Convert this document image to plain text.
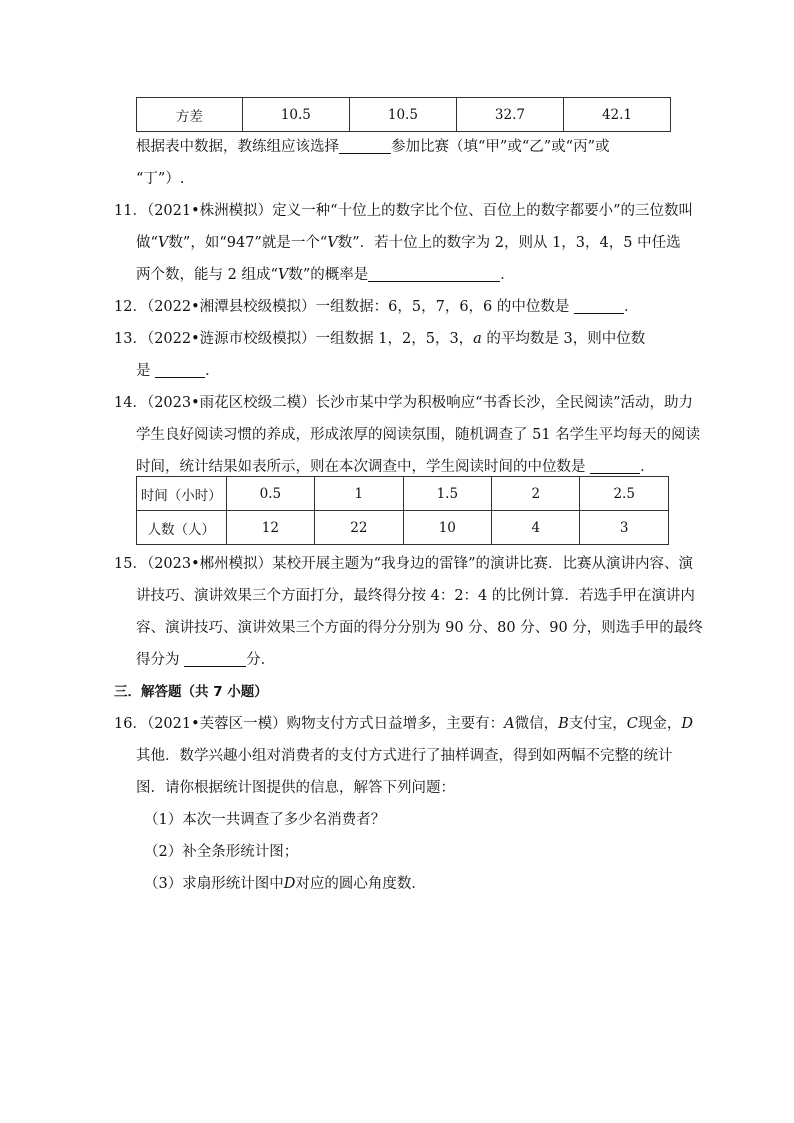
方差	10.5	10.5	32.7	42.1
根据表中数据，教练组应该选择	参加比赛（填“甲”或“乙”或“丙”或
“丁”）.
11．（2021•株洲模拟）定义一种“十位上的数字比个位、百位上的数字都要小”的三位数叫
做“V数”，如“947”就是一个“V数”．若十位上的数字为 2，则从 1，3，4，5 中任选
两个数，能与 2 组成“V数”的概率是	．
12．（2022•湘潭县校级模拟）一组数据：6，5，7，6，6 的中位数是	．
13．（2022•涟源市校级模拟）一组数据 1，2，5，3，a 的平均数是 3，则中位数
是	．
14．（2023•雨花区校级二模）长沙市某中学为积极响应“书香长沙，全民阅读”活动，助力
学生良好阅读习惯的养成，形成浓厚的阅读氛围，随机调查了 51 名学生平均每天的阅读
时间，统计结果如表所示，则在本次调查中，学生阅读时间的中位数是	．
时间（小时）	0.5	1	1.5	2	2.5
人数（人）	12	22	10	4	3
15．（2023•郴州模拟）某校开展主题为“我身边的雷锋”的演讲比赛．比赛从演讲内容、演
讲技巧、演讲效果三个方面打分，最终得分按 4：2：4 的比例计算．若选手甲在演讲内
容、演讲技巧、演讲效果三个方面的得分分别为 90 分、80 分、90 分，则选手甲的最终
得分为	分．
三．解答题（共 7 小题）
16．（2021•芙蓉区一模）购物支付方式日益增多，主要有：A微信，B支付宝，C现金，D
其他．数学兴趣小组对消费者的支付方式进行了抽样调查，得到如两幅不完整的统计
图．请你根据统计图提供的信息，解答下列问题：
（1）本次一共调查了多少名消费者？
（2）补全条形统计图；
（3）求扇形统计图中D对应的圆心角度数．
